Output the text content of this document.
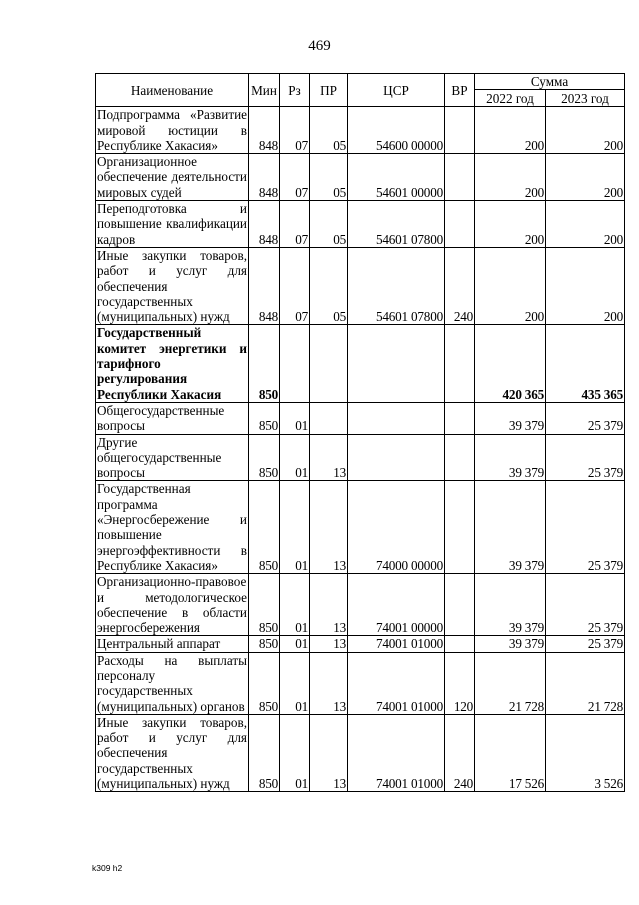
469
Наименование	Мин	Рз	ПР	ЦСР	ВР	Сумма	
						2022 год	2023 год
Подпрограмма «Развитие мировой юстиции в Республике Хакасия»	848	07	05	54600 00000		200	200
Организационное обеспечение деятельности мировых судей	848	07	05	54601 00000		200	200
Переподготовка и повышение квалификации кадров	848	07	05	54601 07800		200	200
Иные закупки товаров, работ и услуг для обеспечения государственных (муниципальных) нужд	848	07	05	54601 07800	240	200	200
Государственный комитет энергетики и тарифного регулирования Республики Хакасия	850					420 365	435 365
Общегосударственные вопросы	850	01				39 379	25 379
Другие общегосударственные вопросы	850	01	13			39 379	25 379
Государственная программа «Энергосбережение и повышение энергоэффективности в Республике Хакасия»	850	01	13	74000 00000		39 379	25 379
Организационно-правовое и методологическое обеспечение в области энергосбережения	850	01	13	74001 00000		39 379	25 379
Центральный аппарат	850	01	13	74001 01000		39 379	25 379
Расходы на выплаты персоналу государственных (муниципальных) органов	850	01	13	74001 01000	120	21 728	21 728
Иные закупки товаров, работ и услуг для обеспечения государственных (муниципальных) нужд	850	01	13	74001 01000	240	17 526	3 526
k309 h2
